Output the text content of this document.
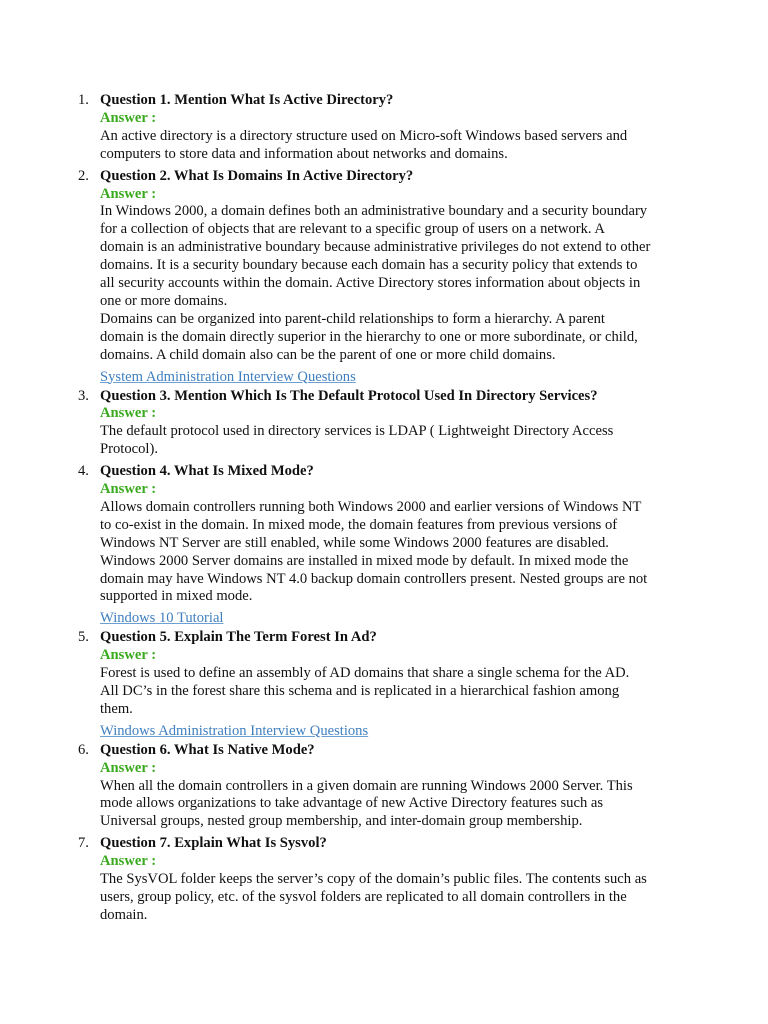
1. Question 1. Mention What Is Active Directory?
Answer :
An active directory is a directory structure used on Micro-soft Windows based servers and
computers to store data and information about networks and domains.
2. Question 2. What Is Domains In Active Directory?
Answer :
In Windows 2000, a domain defines both an administrative boundary and a security boundary
for a collection of objects that are relevant to a specific group of users on a network. A
domain is an administrative boundary because administrative privileges do not extend to other
domains. It is a security boundary because each domain has a security policy that extends to
all security accounts within the domain. Active Directory stores information about objects in
one or more domains.
Domains can be organized into parent-child relationships to form a hierarchy. A parent
domain is the domain directly superior in the hierarchy to one or more subordinate, or child,
domains. A child domain also can be the parent of one or more child domains.
System Administration Interview Questions
3. Question 3. Mention Which Is The Default Protocol Used In Directory Services?
Answer :
The default protocol used in directory services is LDAP ( Lightweight Directory Access
Protocol).
4. Question 4. What Is Mixed Mode?
Answer :
Allows domain controllers running both Windows 2000 and earlier versions of Windows NT
to co-exist in the domain. In mixed mode, the domain features from previous versions of
Windows NT Server are still enabled, while some Windows 2000 features are disabled.
Windows 2000 Server domains are installed in mixed mode by default. In mixed mode the
domain may have Windows NT 4.0 backup domain controllers present. Nested groups are not
supported in mixed mode.
Windows 10 Tutorial
5. Question 5. Explain The Term Forest In Ad?
Answer :
Forest is used to define an assembly of AD domains that share a single schema for the AD.
All DC’s in the forest share this schema and is replicated in a hierarchical fashion among
them.
Windows Administration Interview Questions
6. Question 6. What Is Native Mode?
Answer :
When all the domain controllers in a given domain are running Windows 2000 Server. This
mode allows organizations to take advantage of new Active Directory features such as
Universal groups, nested group membership, and inter-domain group membership.
7. Question 7. Explain What Is Sysvol?
Answer :
The SysVOL folder keeps the server’s copy of the domain’s public files. The contents such as
users, group policy, etc. of the sysvol folders are replicated to all domain controllers in the
domain.
